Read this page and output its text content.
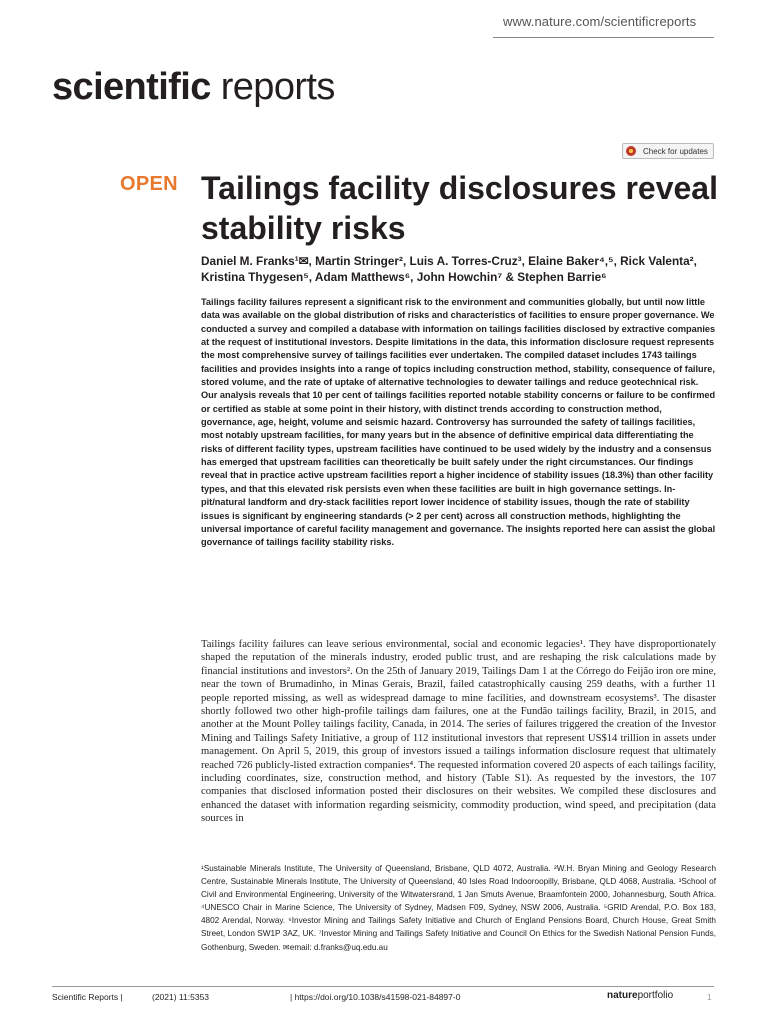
www.nature.com/scientificreports
scientific reports
Check for updates
OPEN Tailings facility disclosures reveal stability risks

Daniel M. Franks¹✉, Martin Stringer², Luis A. Torres-Cruz³, Elaine Baker⁴,⁵, Rick Valenta², Kristina Thygesen⁵, Adam Matthews⁶, John Howchin⁷ & Stephen Barrie⁶

Tailings facility failures represent a significant risk to the environment and communities globally, but until now little data was available on the global distribution of risks and characteristics of facilities to ensure proper governance. We conducted a survey and compiled a database with information on tailings facilities disclosed by extractive companies at the request of institutional investors. Despite limitations in the data, this information disclosure request represents the most comprehensive survey of tailings facilities ever undertaken. The compiled dataset includes 1743 tailings facilities and provides insights into a range of topics including construction method, stability, consequence of failure, stored volume, and the rate of uptake of alternative technologies to dewater tailings and reduce geotechnical risk. Our analysis reveals that 10 per cent of tailings facilities reported notable stability concerns or failure to be confirmed or certified as stable at some point in their history, with distinct trends according to construction method, governance, age, height, volume and seismic hazard. Controversy has surrounded the safety of tailings facilities, most notably upstream facilities, for many years but in the absence of definitive empirical data differentiating the risks of different facility types, upstream facilities have continued to be used widely by the industry and a consensus has emerged that upstream facilities can theoretically be built safely under the right circumstances. Our findings reveal that in practice active upstream facilities report a higher incidence of stability issues (18.3%) than other facility types, and that this elevated risk persists even when these facilities are built in high governance settings. In-pit/natural landform and dry-stack facilities report lower incidence of stability issues, though the rate of stability issues is significant by engineering standards (> 2 per cent) across all construction methods, highlighting the universal importance of careful facility management and governance. The insights reported here can assist the global governance of tailings facility stability risks.

Tailings facility failures can leave serious environmental, social and economic legacies¹. They have disproportionately shaped the reputation of the minerals industry, eroded public trust, and are reshaping the risk calculations made by financial institutions and investors². On the 25th of January 2019, Tailings Dam 1 at the Córrego do Feijão iron ore mine, near the town of Brumadinho, in Minas Gerais, Brazil, failed catastrophically causing 259 deaths, with a further 11 people reported missing, as well as widespread damage to mine facilities, and downstream ecosystems³. The disaster shortly followed two other high-profile tailings dam failures, one at the Fundão tailings facility, Brazil, in 2015, and another at the Mount Polley tailings facility, Canada, in 2014. The series of failures triggered the creation of the Investor Mining and Tailings Safety Initiative, a group of 112 institutional investors that represent US$14 trillion in assets under management. On April 5, 2019, this group of investors issued a tailings information disclosure request that ultimately reached 726 publicly-listed extraction companies⁴. The requested information covered 20 aspects of each tailings facility, including coordinates, size, construction method, and history (Table S1). As requested by the investors, the 107 companies that disclosed information posted their disclosures on their websites. We compiled these disclosures and enhanced the dataset with information regarding seismicity, commodity production, wind speed, and precipitation (data sources in

¹Sustainable Minerals Institute, The University of Queensland, Brisbane, QLD 4072, Australia. ²W.H. Bryan Mining and Geology Research Centre, Sustainable Minerals Institute, The University of Queensland, 40 Isles Road Indooroopilly, Brisbane, QLD 4068, Australia. ³School of Civil and Environmental Engineering, University of the Witwatersrand, 1 Jan Smuts Avenue, Braamfontein 2000, Johannesburg, South Africa. ⁴UNESCO Chair in Marine Science, The University of Sydney, Madsen F09, Sydney, NSW 2006, Australia. ⁵GRID Arendal, P.O. Box 183, 4802 Arendal, Norway. ⁶Investor Mining and Tailings Safety Initiative and Church of England Pensions Board, Church House, Great Smith Street, London SW1P 3AZ, UK. ⁷Investor Mining and Tailings Safety Initiative and Council On Ethics for the Swedish National Pension Funds, Gothenburg, Sweden. ✉email: d.franks@uq.edu.au

Scientific Reports |	(2021) 11:5353	| https://doi.org/10.1038/s41598-021-84897-0	natureportfolio	1
